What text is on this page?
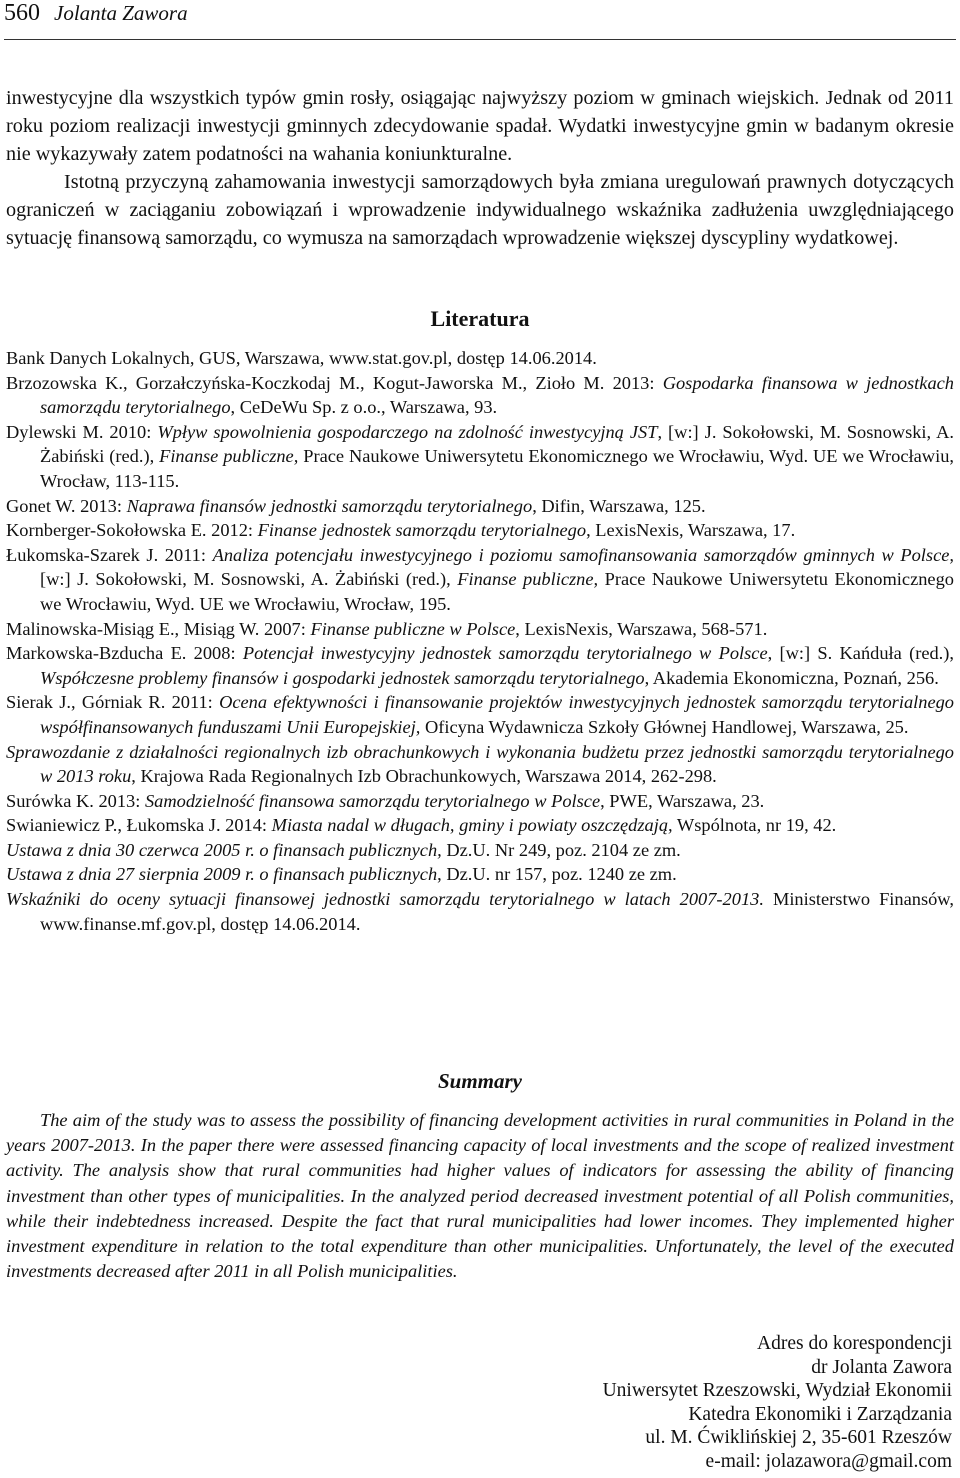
560 Jolanta Zawora

inwestycyjne dla wszystkich typów gmin rosły, osiągając najwyższy poziom w gminach wiejskich. Jednak od 2011 roku poziom realizacji inwestycji gminnych zdecydowanie spadał. Wydatki inwestycyjne gmin w badanym okresie nie wykazywały zatem podatności na wahania koniunkturalne.

Istotną przyczyną zahamowania inwestycji samorządowych była zmiana uregulowań prawnych dotyczących ograniczeń w zaciąganiu zobowiązań i wprowadzenie indywidualnego wskaźnika zadłużenia uwzględniającego sytuację finansową samorządu, co wymusza na samorządach wprowadzenie większej dyscypliny wydatkowej.

Literatura
Bank Danych Lokalnych, GUS, Warszawa, www.stat.gov.pl, dostęp 14.06.2014.
Brzozowska K., Gorzałczyńska-Koczkodaj M., Kogut-Jaworska M., Zioło M. 2013: Gospodarka finansowa w jednostkach samorządu terytorialnego, CeDeWu Sp. z o.o., Warszawa, 93.
Dylewski M. 2010: Wpływ spowolnienia gospodarczego na zdolność inwestycyjną JST, [w:] J. Sokołowski, M. Sosnowski, A. Żabiński (red.), Finanse publiczne, Prace Naukowe Uniwersytetu Ekonomicznego we Wrocławiu, Wyd. UE we Wrocławiu, Wrocław, 113-115.
Gonet W. 2013: Naprawa finansów jednostki samorządu terytorialnego, Difin, Warszawa, 125.
Kornberger-Sokołowska E. 2012: Finanse jednostek samorządu terytorialnego, LexisNexis, Warszawa, 17.
Łukomska-Szarek J. 2011: Analiza potencjału inwestycyjnego i poziomu samofinansowania samorządów gminnych w Polsce, [w:] J. Sokołowski, M. Sosnowski, A. Żabiński (red.), Finanse publiczne, Prace Naukowe Uniwersytetu Ekonomicznego we Wrocławiu, Wyd. UE we Wrocławiu, Wrocław, 195.
Malinowska-Misiąg E., Misiąg W. 2007: Finanse publiczne w Polsce, LexisNexis, Warszawa, 568-571.
Markowska-Bzducha E. 2008: Potencjał inwestycyjny jednostek samorządu terytorialnego w Polsce, [w:] S. Kańduła (red.), Współczesne problemy finansów i gospodarki jednostek samorządu terytorialnego, Akademia Ekonomiczna, Poznań, 256.
Sierak J., Górniak R. 2011: Ocena efektywności i finansowanie projektów inwestycyjnych jednostek samorządu terytorialnego współfinansowanych funduszami Unii Europejskiej, Oficyna Wydawnicza Szkoły Głównej Handlowej, Warszawa, 25.
Sprawozdanie z działalności regionalnych izb obrachunkowych i wykonania budżetu przez jednostki samorządu terytorialnego w 2013 roku, Krajowa Rada Regionalnych Izb Obrachunkowych, Warszawa 2014, 262-298.
Surówka K. 2013: Samodzielność finansowa samorządu terytorialnego w Polsce, PWE, Warszawa, 23.
Swianiewicz P., Łukomska J. 2014: Miasta nadal w długach, gminy i powiaty oszczędzają, Wspólnota, nr 19, 42.
Ustawa z dnia 30 czerwca 2005 r. o finansach publicznych, Dz.U. Nr 249, poz. 2104 ze zm.
Ustawa z dnia 27 sierpnia 2009 r. o finansach publicznych, Dz.U. nr 157, poz. 1240 ze zm.
Wskaźniki do oceny sytuacji finansowej jednostki samorządu terytorialnego w latach 2007-2013. Ministerstwo Finansów, www.finanse.mf.gov.pl, dostęp 14.06.2014.
Summary
The aim of the study was to assess the possibility of financing development activities in rural communities in Poland in the years 2007-2013. In the paper there were assessed financing capacity of local investments and the scope of realized investment activity. The analysis show that rural communities had higher values of indicators for assessing the ability of financing investment than other types of municipalities. In the analyzed period decreased investment potential of all Polish communities, while their indebtedness increased. Despite the fact that rural municipalities had lower incomes. They implemented higher investment expenditure in relation to the total expenditure than other municipalities. Unfortunately, the level of the executed investments decreased after 2011 in all Polish municipalities.
Adres do korespondencji
dr Jolanta Zawora
Uniwersytet Rzeszowski, Wydział Ekonomii
Katedra Ekonomiki i Zarządzania
ul. M. Ćwiklińskiej 2, 35-601 Rzeszów
e-mail: jolazawora@gmail.com
